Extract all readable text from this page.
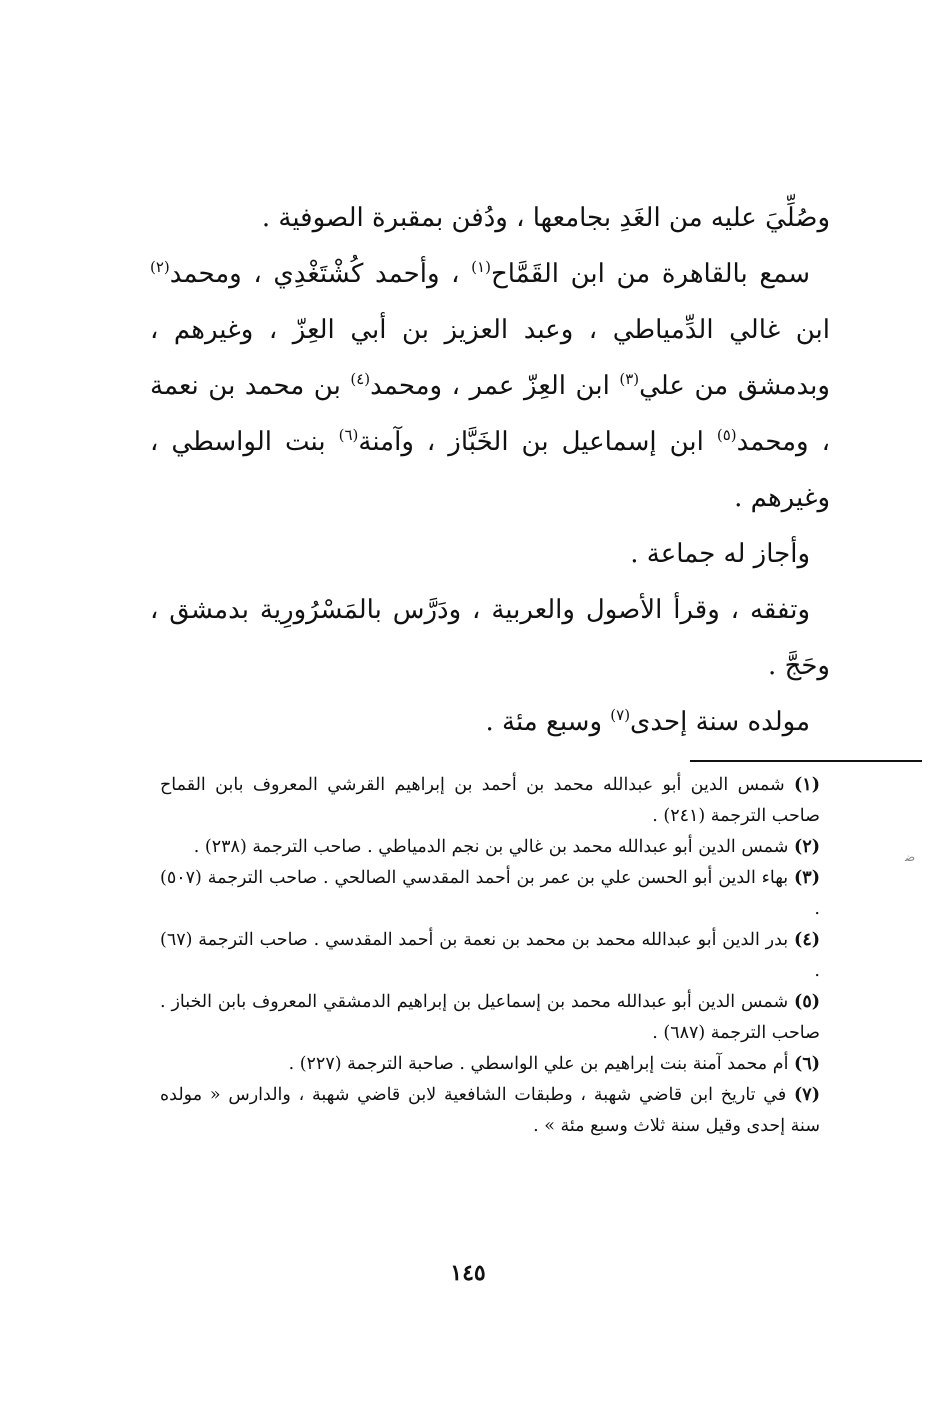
وصُلِّيَ عليه من الغَدِ بجامعها ، ودُفن بمقبرة الصوفية .

سمع بالقاهرة من ابن القَمَّاح$^{(١)}$ ، وأحمد كُشْتَغْدِي ، ومحمد$^{(٢)}$ ابن غالي الدِّمياطي ، وعبد العزيز بن أبي العِزّ ، وغيرهم ، وبدمشق من علي$^{(٣)}$ ابن العِزّ عمر ، ومحمد$^{(٤)}$ بن محمد بن نعمة ، ومحمد$^{(٥)}$ ابن إسماعيل بن الخَبَّاز ، وآمنة$^{(٦)}$ بنت الواسطي ، وغيرهم .

وأجاز له جماعة .

وتفقه ، وقرأ الأصول والعربية ، ودَرَّس بالمَسْرُورِية بدمشق ، وحَجَّ .

مولده سنة إحدى$^{(٧)}$ وسبع مئة .

(١) شمس الدين أبو عبدالله محمد بن أحمد بن إبراهيم القرشي المعروف بابن القماح صاحب الترجمة (٢٤١) .

(٢) شمس الدين أبو عبدالله محمد بن غالي بن نجم الدمياطي . صاحب الترجمة (٢٣٨) .

(٣) بهاء الدين أبو الحسن علي بن عمر بن أحمد المقدسي الصالحي . صاحب الترجمة (٥٠٧) .

(٤) بدر الدين أبو عبدالله محمد بن محمد بن نعمة بن أحمد المقدسي . صاحب الترجمة (٦٧) .

(٥) شمس الدين أبو عبدالله محمد بن إسماعيل بن إبراهيم الدمشقي المعروف بابن الخباز . صاحب الترجمة (٦٨٧) .

(٦) أم محمد آمنة بنت إبراهيم بن علي الواسطي . صاحبة الترجمة (٢٢٧) .

(٧) في تاريخ ابن قاضي شهبة ، وطبقات الشافعية لابن قاضي شهبة ، والدارس « مولده سنة إحدى وقيل سنة ثلاث وسبع مئة » .

١٤٥
ﺿ
